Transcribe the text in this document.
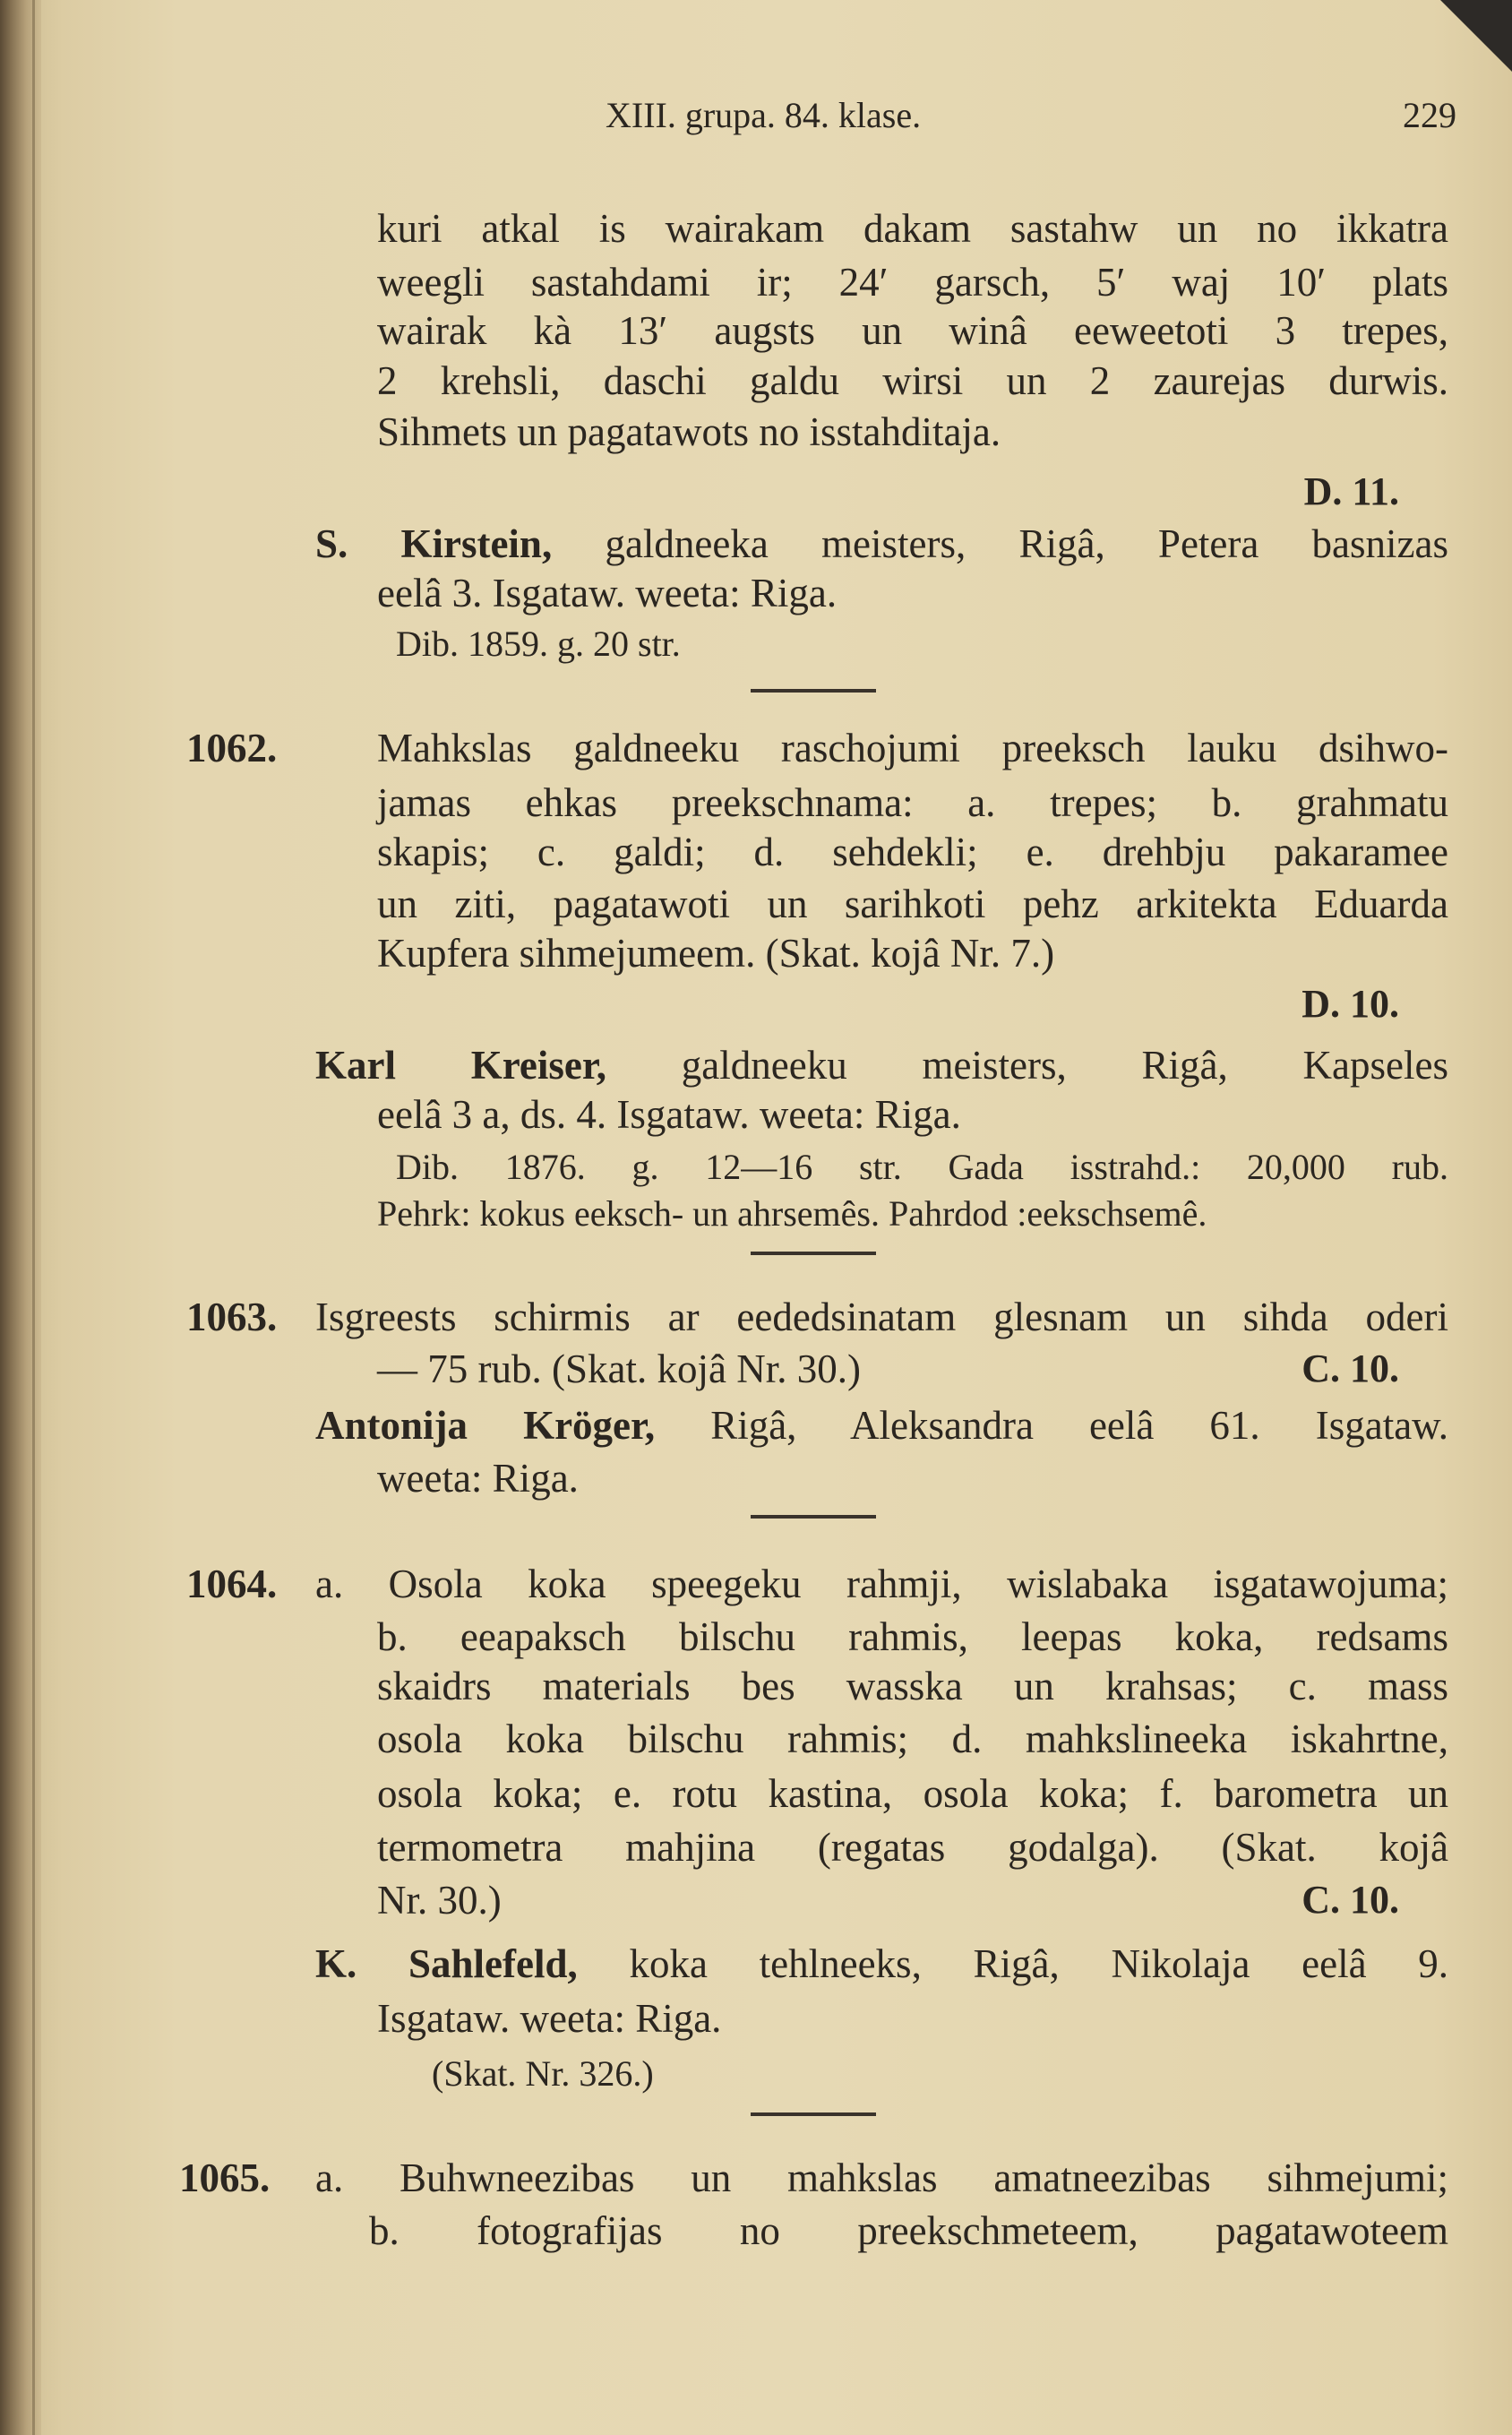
XIII. grupa. 84. klase.	229
kuri atkal is wairakam dakam sastahw un no ikkatra
weegli sastahdami ir; 24′ garsch, 5′ waj 10′ plats
wairak kà 13′ augsts un winâ eeweetoti 3 trepes,
2 krehsli, daschi galdu wirsi un 2 zaurejas durwis.
Sihmets un pagatawots no isstahditaja.
D. 11.
S. Kirstein, galdneeka meisters, Rigâ, Petera basnizas
eelâ 3. Isgataw. weeta: Riga.
Dib. 1859. g. 20 str.
1062. Mahkslas galdneeku raschojumi preeksch lauku dsihwo-
jamas ehkas preekschnama: a. trepes; b. grahmatu
skapis; c. galdi; d. sehdekli; e. drehbju pakaramee
un ziti, pagatawoti un sarihkoti pehz arkitekta Eduarda
Kupfera sihmejumeem. (Skat. kojâ Nr. 7.)
D. 10.
Karl Kreiser, galdneeku meisters, Rigâ, Kapseles
eelâ 3 a, ds. 4. Isgataw. weeta: Riga.
Dib. 1876. g. 12—16 str. Gada isstrahd.: 20,000 rub.
Pehrk: kokus eeksch- un ahrsemês. Pahrdod :eekschsemê.
1063. Isgreests schirmis ar eededsinatam glesnam un sihda oderi
— 75 rub. (Skat. kojâ Nr. 30.)	C. 10.
Antonija Kröger, Rigâ, Aleksandra eelâ 61. Isgataw.
weeta: Riga.
1064. a. Osola koka speegeku rahmji, wislabaka isgatawojuma;
b. eeapaksch bilschu rahmis, leepas koka, redsams
skaidrs materials bes wasska un krahsas; c. mass
osola koka bilschu rahmis; d. mahkslineeka iskahrtne,
osola koka; e. rotu kastina, osola koka; f. barometra un
termometra mahjina (regatas godalga). (Skat. kojâ
Nr. 30.)	C. 10.
K. Sahlefeld, koka tehlneeks, Rigâ, Nikolaja eelâ 9.
Isgataw. weeta: Riga.
(Skat. Nr. 326.)
1065. a. Buhwneezibas un mahkslas amatneezibas sihmejumi;
b. fotografijas no preekschmeteem, pagatawoteem
